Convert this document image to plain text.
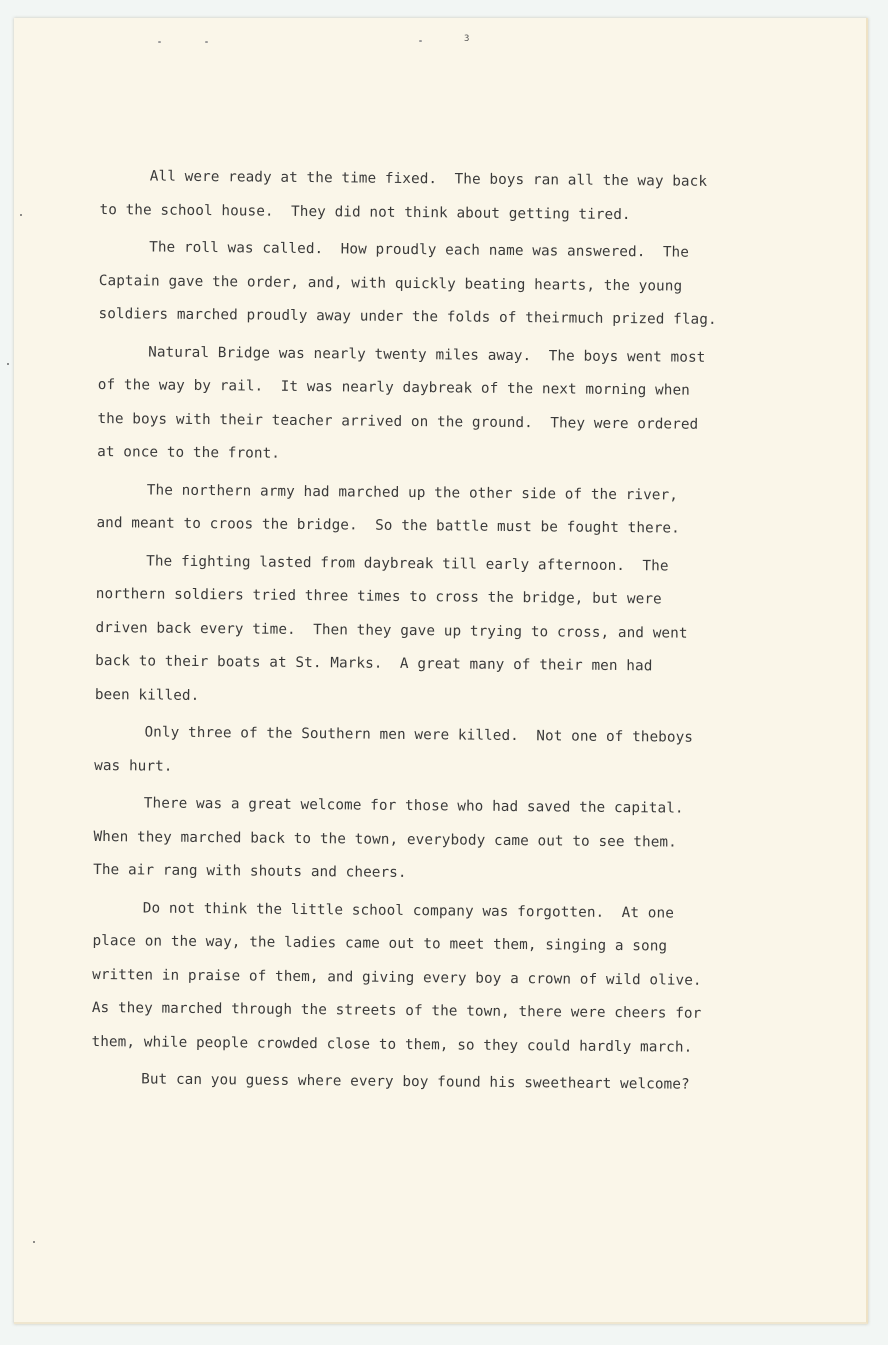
3
All were ready at the time fixed.  The boys ran all the way back
to the school house.  They did not think about getting tired.
The roll was called.  How proudly each name was answered.  The
Captain gave the order, and, with quickly beating hearts, the young
soldiers marched proudly away under the folds of theirmuch prized flag.
Natural Bridge was nearly twenty miles away.  The boys went most
of the way by rail.  It was nearly daybreak of the next morning when
the boys with their teacher arrived on the ground.  They were ordered
at once to the front.
The northern army had marched up the other side of the river,
and meant to croos the bridge.  So the battle must be fought there.
The fighting lasted from daybreak till early afternoon.  The
northern soldiers tried three times to cross the bridge, but were
driven back every time.  Then they gave up trying to cross, and went
back to their boats at St. Marks.  A great many of their men had
been killed.
Only three of the Southern men were killed.  Not one of theboys
was hurt.
There was a great welcome for those who had saved the capital.
When they marched back to the town, everybody came out to see them.
The air rang with shouts and cheers.
Do not think the little school company was forgotten.  At one
place on the way, the ladies came out to meet them, singing a song
written in praise of them, and giving every boy a crown of wild olive.
As they marched through the streets of the town, there were cheers for
them, while people crowded close to them, so they could hardly march.
But can you guess where every boy found his sweetheart welcome?
